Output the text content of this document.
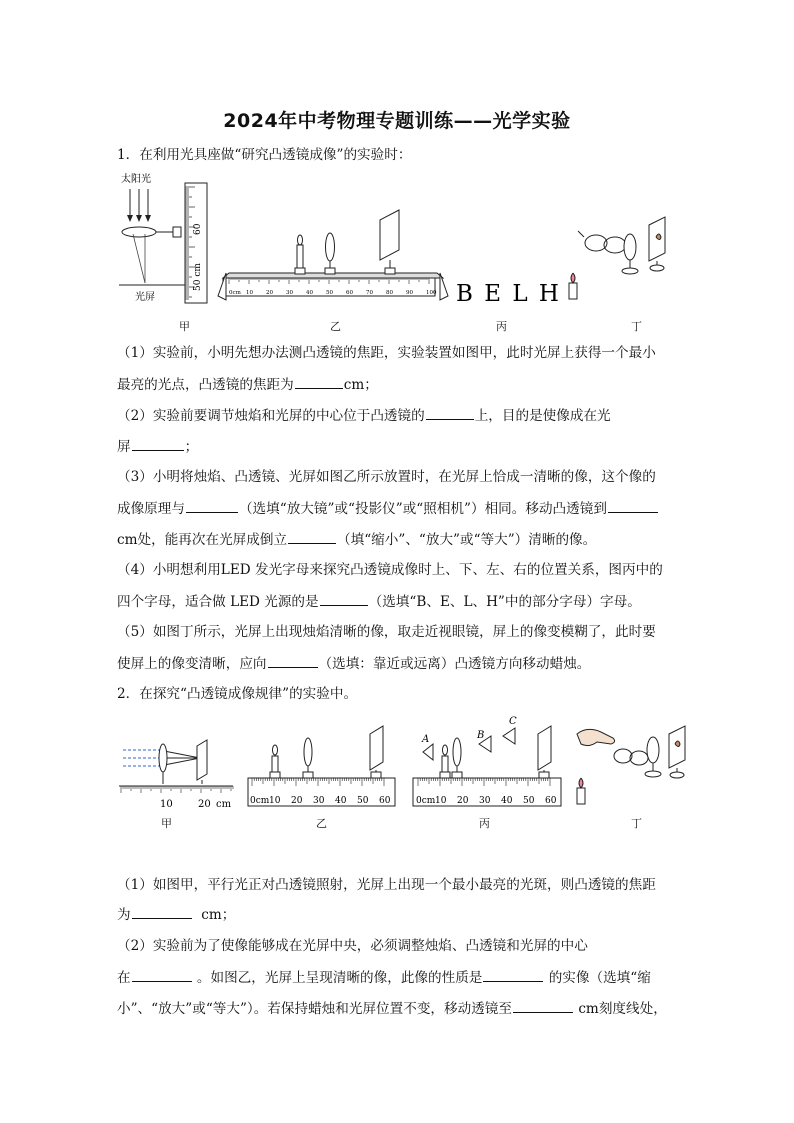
2024年中考物理专题训练——光学实验
1．在利用光具座做“研究凸透镜成像”的实验时：
太阳光
光屏
60
50 cm
0cm 10 20 30 40 50 60 70 80 90 100 B E L H
甲	乙	丙	丁
（1）实验前，小明先想办法测凸透镜的焦距，实验装置如图甲，此时光屏上获得一个最小
最亮的光点，凸透镜的焦距为	cm；
（2）实验前要调节烛焰和光屏的中心位于凸透镜的	上，目的是使像成在光
屏	；
（3）小明将烛焰、凸透镜、光屏如图乙所示放置时，在光屏上恰成一清晰的像，这个像的
成像原理与	（选填“放大镜”或“投影仪”或“照相机”）相同。移动凸透镜到
cm处，能再次在光屏成倒立	（填“缩小”、“放大”或“等大”）清晰的像。
（4）小明想利用LED 发光字母来探究凸透镜成像时上、下、左、右的位置关系，图丙中的
四个字母，适合做 LED 光源的是	（选填“B、E、L、H”中的部分字母）字母。
（5）如图丁所示，光屏上出现烛焰清晰的像，取走近视眼镜，屏上的像变模糊了，此时要
使屏上的像变清晰，应向	（选填：靠近或远离）凸透镜方向移动蜡烛。
2．在探究“凸透镜成像规律”的实验中。
10	20 cm 0cm 10 20 30 40 50 60
A	B
C
0cm 10 20 30 40 50 60
甲	乙	丙	丁
（1）如图甲，平行光正对凸透镜照射，光屏上出现一个最小最亮的光斑，则凸透镜的焦距
为	cm；
（2）实验前为了使像能够成在光屏中央，必须调整烛焰、凸透镜和光屏的中心
在	。如图乙，光屏上呈现清晰的像，此像的性质是	的实像（选填“缩
小”、“放大”或“等大”）。若保持蜡烛和光屏位置不变，移动透镜至	cm刻度线处，
